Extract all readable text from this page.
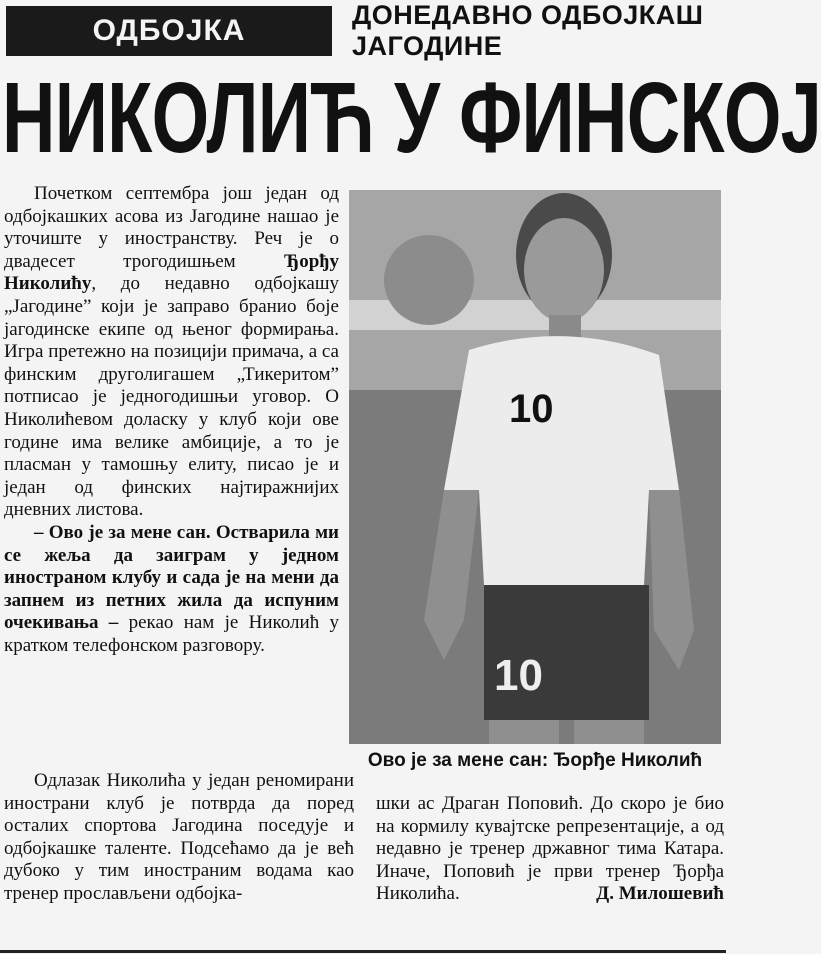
ОДБОЈКА	ДОНЕДАВНО ОДБОЈКАШ
ЈАГОДИНЕ
НИКОЛИЋ У ФИНСКОЈ

Почетком септембра још један од одбојкашких асова из Јагодине нашао је уточиште у иностранству. Реч је о двадесет трогодишњем Ђорђу Николићу, до недавно одбојкашу „Јагодине” који је заправо бранио боје јагодинске екипе од њеног формирања. Игра претежно на позицији примача, а са финским друголигашем „Тикеритом” потписао је једногодишњи уговор. О Николићевом доласку у клуб који ове године има велике амбиције, а то је пласман у тамошњу елиту, писао је и један од финских најтиражнијих дневних листова.

– Ово је за мене сан. Остварила ми се жеља да заиграм у једном иностраном клубу и сада је на мени да запнем из петних жила да испуним очекивања – рекао нам је Николић у кратком телефонском разговору.

Одлазак Николића у један реномирани инострани клуб је потврда да поред осталих спортова Јагодина поседује и одбојкашке таленте. Подсећамо да је већ дубоко у тим иностраним водама као тренер прослављени одбојка-

10
10
Ово је за мене сан: Ђорђе Николић

шки ас Драган Поповић. До скоро је био на кормилу кувајтске репрезентације, а од недавно је тренер државног тима Катара. Иначе, Поповић је први тренер Ђорђа Николића.	Д. Милошевић
